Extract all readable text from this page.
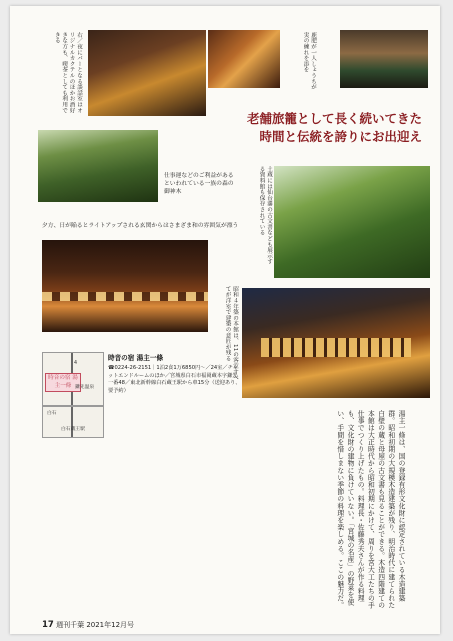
右／夜にバーとなる談話室はオリジナルカクテルのほかお酒好きな方も、喫茶としても利用できる	鹿肥が一人しょうちが実の練れを添を
老舗旅籠として長く続いてきた
時間と伝統を誇りにお出迎え
仕事運などのご利益があるといわれている一族の森の御神木
夕方、日が陥るとライトアップされる玄関からはさまざま和の雰囲気が漂う	土蔵には仙台藩の古文書なども展示する資料館も保存されている
昭和４年築の本館は、11の客室すべてが洋室で建築の意匠が残る
時音の宿 湯主一條 鎌先温泉
白石
白石蔵王駅
4
時音の宿 湯主一條
☎0224-26-2151｜1泊2食1万6850円〜／24室／チャットエンドルームのほか／宮城県白石市福岡蔵本字鎌先一番48／東北新幹線白石蔵王駅から車15分（送迎あり、要予約）
湯主一條は、国の登録有形文化財に認定されている木造建築群。昭和初期の大規模木造建築が残り、明治時代に建てられた白壁の蔵と母屋の古文書も見ることができる。木造四階建ての本館は大正時代から昭和初期にかけて、周りを宮大工たちの手仕事でつくり上げたもの。料理長・佐藤秀夫さんが作る料理も、文化財の建物に負けていない。「宮城の名産」の野菜を使い、手間を惜しまない季節の料理を楽しめる。ここの魅力だ。
17 週刊千葉 2021年12月号
